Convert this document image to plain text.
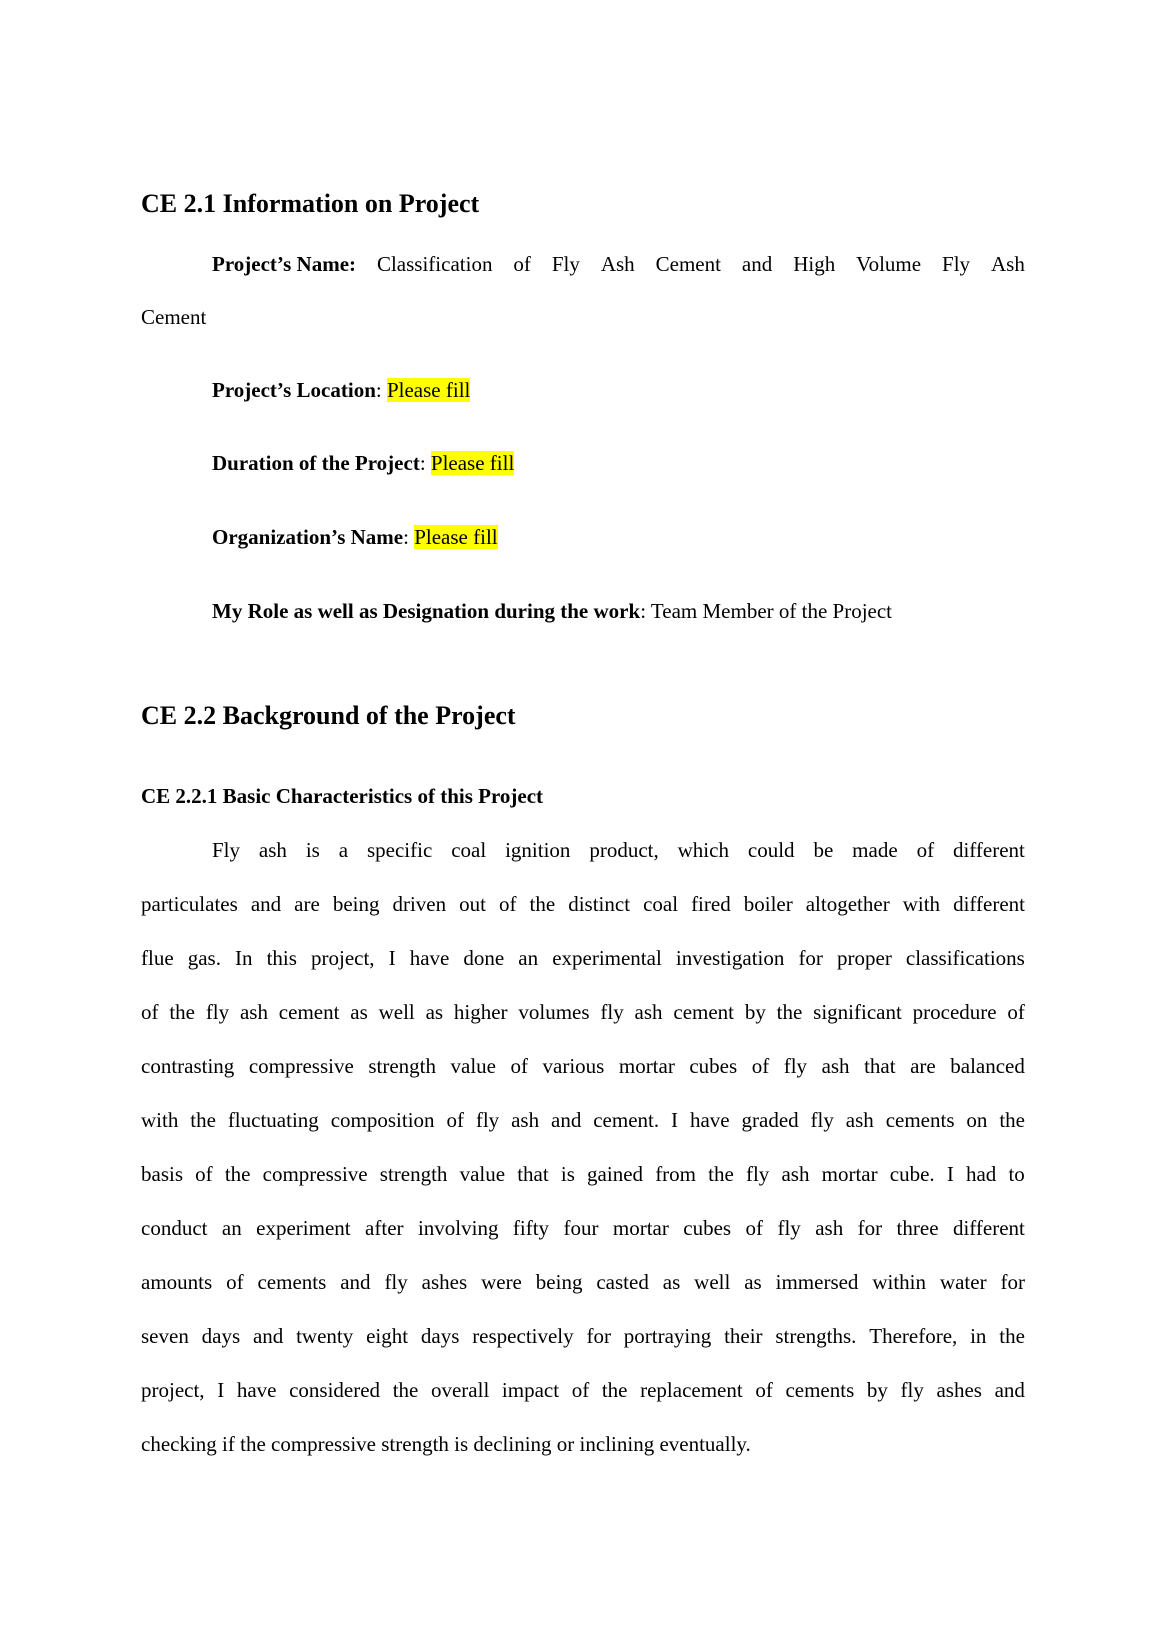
CE 2.1 Information on Project
Project’s Name: Classification of Fly Ash Cement and High Volume Fly Ash
Cement
Project’s Location: Please fill
Duration of the Project: Please fill
Organization’s Name: Please fill
My Role as well as Designation during the work: Team Member of the Project
CE 2.2 Background of the Project
CE 2.2.1 Basic Characteristics of this Project
Fly ash is a specific coal ignition product, which could be made of different
particulates and are being driven out of the distinct coal fired boiler altogether with different
flue gas. In this project, I have done an experimental investigation for proper classifications
of the fly ash cement as well as higher volumes fly ash cement by the significant procedure of
contrasting compressive strength value of various mortar cubes of fly ash that are balanced
with the fluctuating composition of fly ash and cement. I have graded fly ash cements on the
basis of the compressive strength value that is gained from the fly ash mortar cube. I had to
conduct an experiment after involving fifty four mortar cubes of fly ash for three different
amounts of cements and fly ashes were being casted as well as immersed within water for
seven days and twenty eight days respectively for portraying their strengths. Therefore, in the
project, I have considered the overall impact of the replacement of cements by fly ashes and
checking if the compressive strength is declining or inclining eventually.
